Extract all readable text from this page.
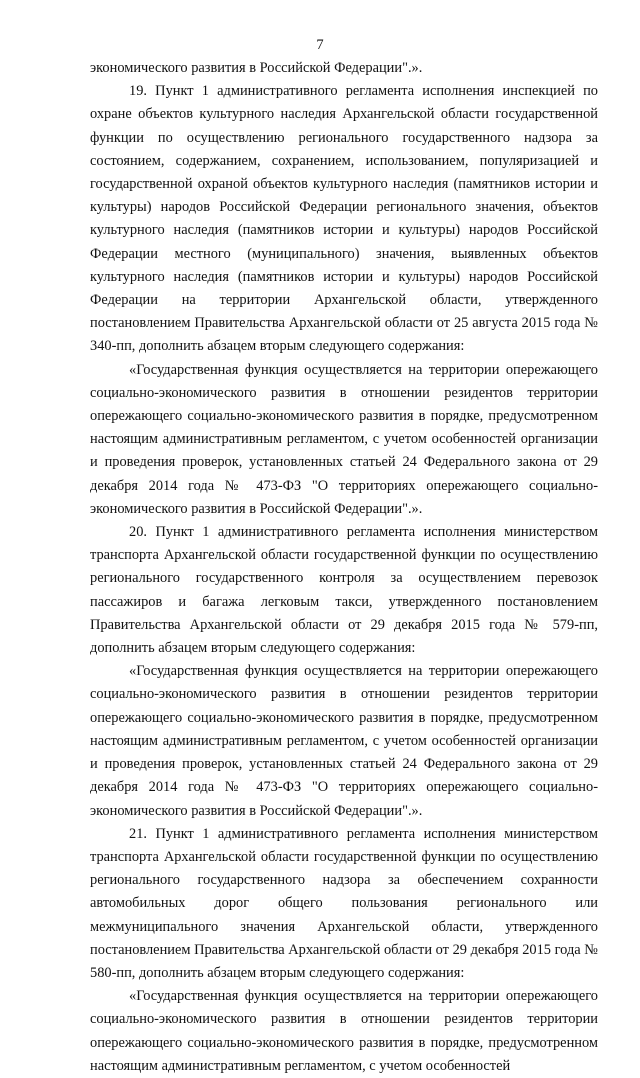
7

экономического развития в Российской Федерации".».

19. Пункт 1 административного регламента исполнения инспекцией по охране объектов культурного наследия Архангельской области государственной функции по осуществлению регионального государственного надзора за состоянием, содержанием, сохранением, использованием, популяризацией и государственной охраной объектов культурного наследия (памятников истории и культуры) народов Российской Федерации регионального значения, объектов культурного наследия (памятников истории и культуры) народов Российской Федерации местного (муниципального) значения, выявленных объектов культурного наследия (памятников истории и культуры) народов Российской Федерации на территории Архангельской области, утвержденного постановлением Правительства Архангельской области от 25 августа 2015 года № 340-пп, дополнить абзацем вторым следующего содержания:

«Государственная функция осуществляется на территории опережающего социально-экономического развития в отношении резидентов территории опережающего социально-экономического развития в порядке, предусмотренном настоящим административным регламентом, с учетом особенностей организации и проведения проверок, установленных статьей 24 Федерального закона от 29 декабря 2014 года № 473-ФЗ "О территориях опережающего социально-экономического развития в Российской Федерации".».

20. Пункт 1 административного регламента исполнения министерством транспорта Архангельской области государственной функции по осуществлению регионального государственного контроля за осуществлением перевозок пассажиров и багажа легковым такси, утвержденного постановлением Правительства Архангельской области от 29 декабря 2015 года № 579-пп, дополнить абзацем вторым следующего содержания:

«Государственная функция осуществляется на территории опережающего социально-экономического развития в отношении резидентов территории опережающего социально-экономического развития в порядке, предусмотренном настоящим административным регламентом, с учетом особенностей организации и проведения проверок, установленных статьей 24 Федерального закона от 29 декабря 2014 года № 473-ФЗ "О территориях опережающего социально-экономического развития в Российской Федерации".».

21. Пункт 1 административного регламента исполнения министерством транспорта Архангельской области государственной функции по осуществлению регионального государственного надзора за обеспечением сохранности автомобильных дорог общего пользования регионального или межмуниципального значения Архангельской области, утвержденного постановлением Правительства Архангельской области от 29 декабря 2015 года № 580-пп, дополнить абзацем вторым следующего содержания:

«Государственная функция осуществляется на территории опережающего социально-экономического развития в отношении резидентов территории опережающего социально-экономического развития в порядке, предусмотренном настоящим административным регламентом, с учетом особенностей
